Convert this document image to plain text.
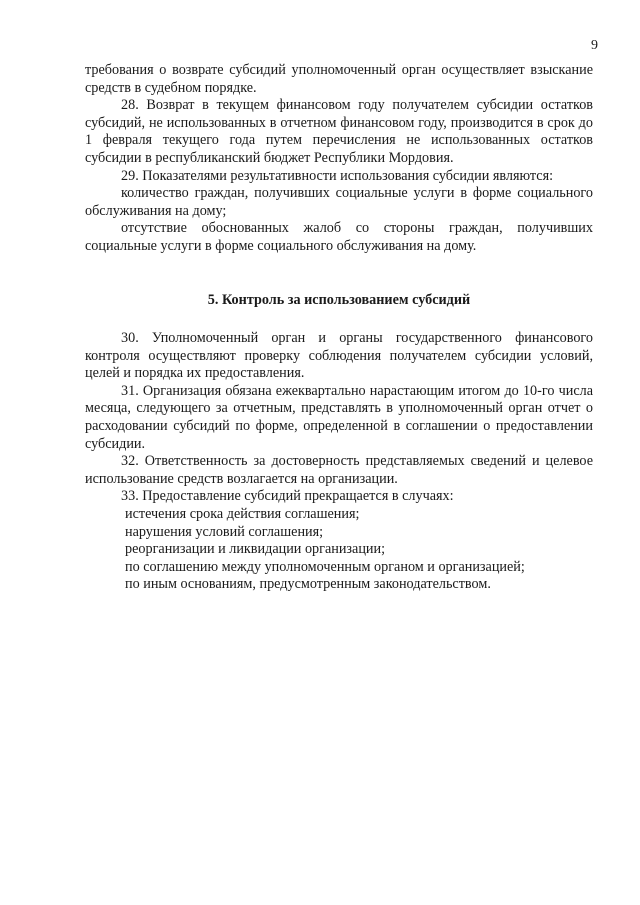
9

требования о возврате субсидий уполномоченный орган осуществляет взыскание средств в судебном порядке.

28. Возврат в текущем финансовом году получателем субсидии остатков субсидий, не использованных в отчетном финансовом году, производится в срок до 1 февраля текущего года путем перечисления не использованных остатков субсидии в республиканский бюджет Республики Мордовия.

29. Показателями результативности использования субсидии являются:

количество граждан, получивших социальные услуги в форме социального обслуживания на дому;

отсутствие обоснованных жалоб со стороны граждан, получивших социальные услуги в форме социального обслуживания на дому.

5. Контроль за использованием субсидий

30. Уполномоченный орган и органы государственного финансового контроля осуществляют проверку соблюдения получателем субсидии условий, целей и порядка их предоставления.

31. Организация обязана ежеквартально нарастающим итогом до 10-го числа месяца, следующего за отчетным, представлять в уполномоченный орган отчет о расходовании субсидий по форме, определенной в соглашении о предоставлении субсидии.

32. Ответственность за достоверность представляемых сведений и целевое использование средств возлагается на организации.

33. Предоставление субсидий прекращается в случаях:

истечения срока действия соглашения;

нарушения условий соглашения;

реорганизации и ликвидации организации;

по соглашению между уполномоченным органом и организацией;

по иным основаниям, предусмотренным законодательством.
